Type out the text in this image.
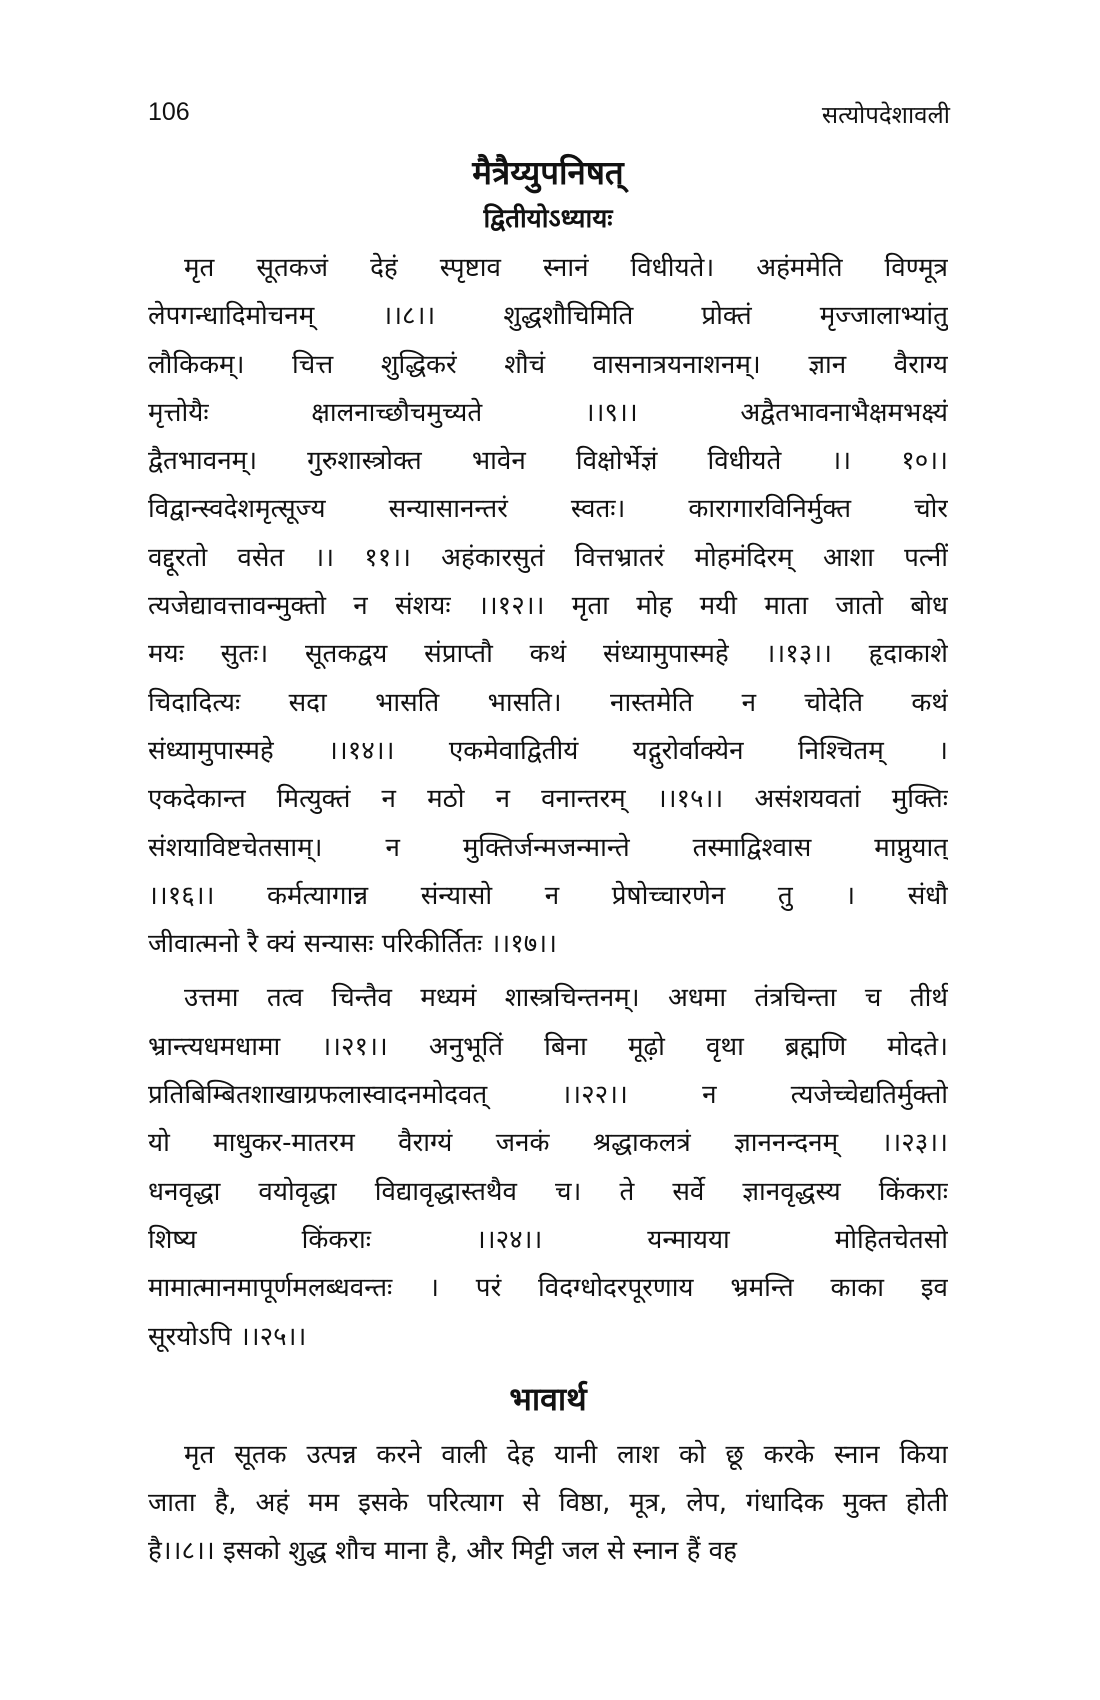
106	सत्योपदेशावली
मैत्रैय्युपनिषत्
द्वितीयोऽध्यायः
मृत सूतकजं देहं स्पृष्टाव स्नानं विधीयते। अहंममेति विण्मूत्र
लेपगन्धादिमोचनम् ।।८।। शुद्धशौचिमिति प्रोक्तं मृज्जालाभ्यांतु
लौकिकम्। चित्त शुद्धिकरं शौचं वासनात्रयनाशनम्। ज्ञान वैराग्य
मृत्तोयैः क्षालनाच्छौचमुच्यते ।।९।। अद्वैतभावनाभैक्षमभक्ष्यं
द्वैतभावनम्। गुरुशास्त्रोक्त भावेन विक्षोर्भेज्ञं विधीयते ।। १०।।
विद्वान्स्वदेशमृत्सूज्य सन्यासानन्तरं स्वतः। कारागारविनिर्मुक्त चोर
वद्दूरतो वसेत ।। ११।। अहंकारसुतं वित्तभ्रातरं मोहमंदिरम् आशा पत्नीं
त्यजेद्यावत्तावन्मुक्तो न संशयः ।।१२।। मृता मोह मयी माता जातो बोध
मयः सुतः। सूतकद्वय संप्राप्तौ कथं संध्यामुपास्महे ।।१३।। हृदाकाशे
चिदादित्यः सदा भासति भासति। नास्तमेति न चोदेति कथं
संध्यामुपास्महे ।।१४।। एकमेवाद्वितीयं यद्गुरोर्वाक्येन निश्चितम् ।
एकदेकान्त मित्युक्तं न मठो न वनान्तरम् ।।१५।। असंशयवतां मुक्तिः
संशयाविष्टचेतसाम्। न मुक्तिर्जन्मजन्मान्ते तस्माद्विश्वास माप्नुयात्
।।१६।। कर्मत्यागान्न संन्यासो न प्रेषोच्चारणेन तु । संधौ
जीवात्मनो रै क्यं सन्यासः परिकीर्तितः ।।१७।।
उत्तमा तत्व चिन्तैव मध्यमं शास्त्रचिन्तनम्। अधमा तंत्रचिन्ता च तीर्थ
भ्रान्त्यधमधामा ।।२१।। अनुभूतिं बिना मूढ़ो वृथा ब्रह्मणि मोदते।
प्रतिबिम्बितशाखाग्रफलास्वादनमोदवत् ।।२२।। न त्यजेच्चेद्यतिर्मुक्तो
यो माधुकर-मातरम वैराग्यं जनकं श्रद्धाकलत्रं ज्ञाननन्दनम् ।।२३।।
धनवृद्धा वयोवृद्धा विद्यावृद्धास्तथैव च। ते सर्वे ज्ञानवृद्धस्य किंकराः
शिष्य किंकराः ।।२४।। यन्मायया मोहितचेतसो
मामात्मानमापूर्णमलब्धवन्तः । परं विदग्धोदरपूरणाय भ्रमन्ति काका इव
सूरयोऽपि ।।२५।।
भावार्थ
मृत सूतक उत्पन्न करने वाली देह यानी लाश को छू करके स्नान किया
जाता है, अहं मम इसके परित्याग से विष्ठा, मूत्र, लेप, गंधादिक मुक्त होती
है।।८।। इसको शुद्ध शौच माना है, और मिट्टी जल से स्नान हैं वह
